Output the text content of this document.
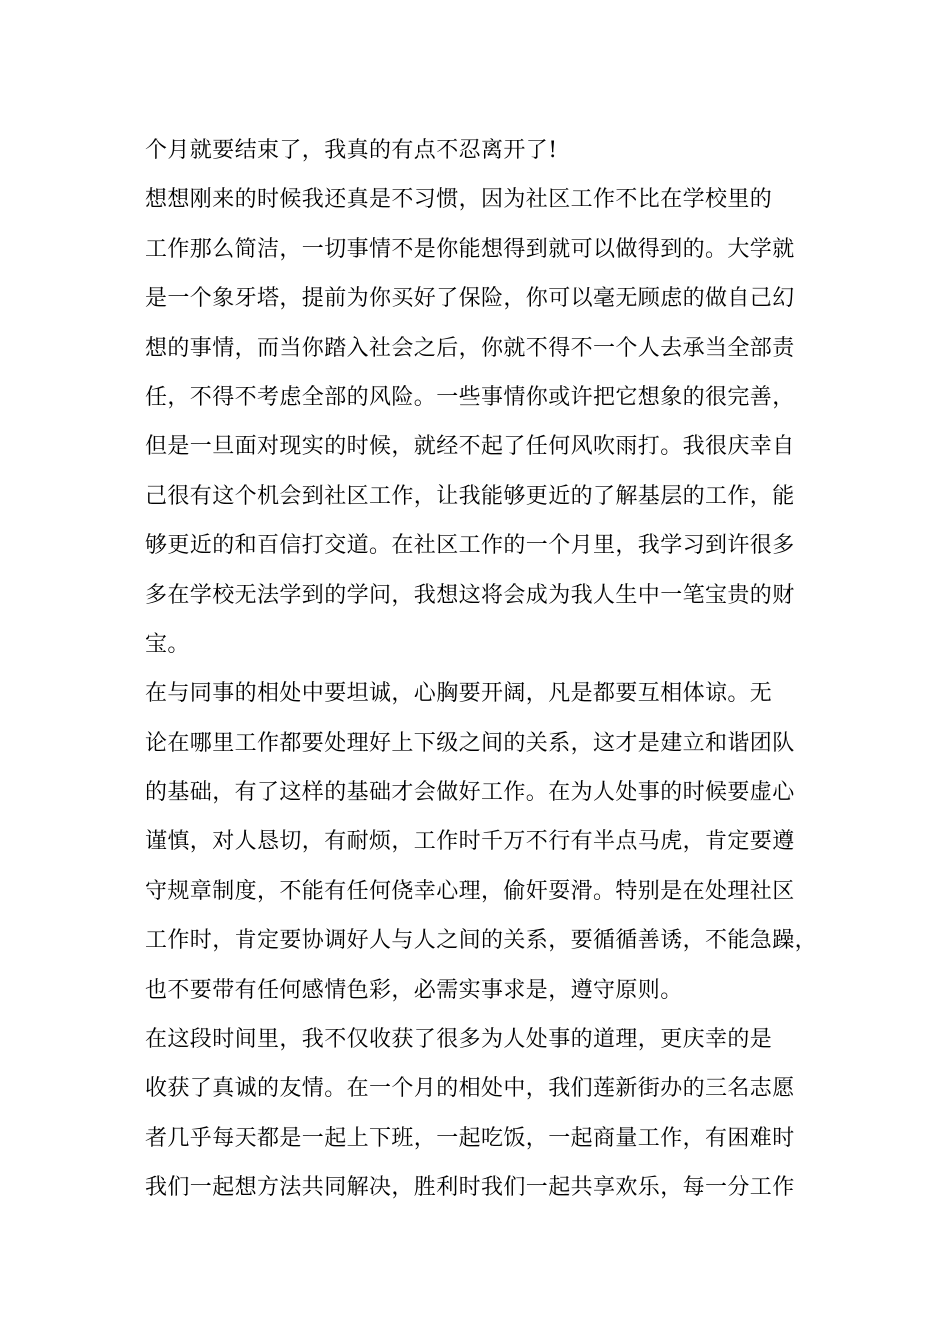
个月就要结束了，我真的有点不忍离开了!
想想刚来的时候我还真是不习惯，因为社区工作不比在学校里的
工作那么简洁，一切事情不是你能想得到就可以做得到的。大学就
是一个象牙塔，提前为你买好了保险，你可以毫无顾虑的做自己幻
想的事情，而当你踏入社会之后，你就不得不一个人去承当全部责
任，不得不考虑全部的风险。一些事情你或许把它想象的很完善，
但是一旦面对现实的时候，就经不起了任何风吹雨打。我很庆幸自
己很有这个机会到社区工作，让我能够更近的了解基层的工作，能
够更近的和百信打交道。在社区工作的一个月里，我学习到许很多
多在学校无法学到的学问，我想这将会成为我人生中一笔宝贵的财
宝。
在与同事的相处中要坦诚，心胸要开阔，凡是都要互相体谅。无
论在哪里工作都要处理好上下级之间的关系，这才是建立和谐团队
的基础，有了这样的基础才会做好工作。在为人处事的时候要虚心
谨慎，对人恳切，有耐烦，工作时千万不行有半点马虎，肯定要遵
守规章制度，不能有任何侥幸心理，偷奸耍滑。特别是在处理社区
工作时，肯定要协调好人与人之间的关系，要循循善诱，不能急躁，
也不要带有任何感情色彩，必需实事求是，遵守原则。
在这段时间里，我不仅收获了很多为人处事的道理，更庆幸的是
收获了真诚的友情。在一个月的相处中，我们莲新街办的三名志愿
者几乎每天都是一起上下班，一起吃饭，一起商量工作，有困难时
我们一起想方法共同解决，胜利时我们一起共享欢乐，每一分工作
